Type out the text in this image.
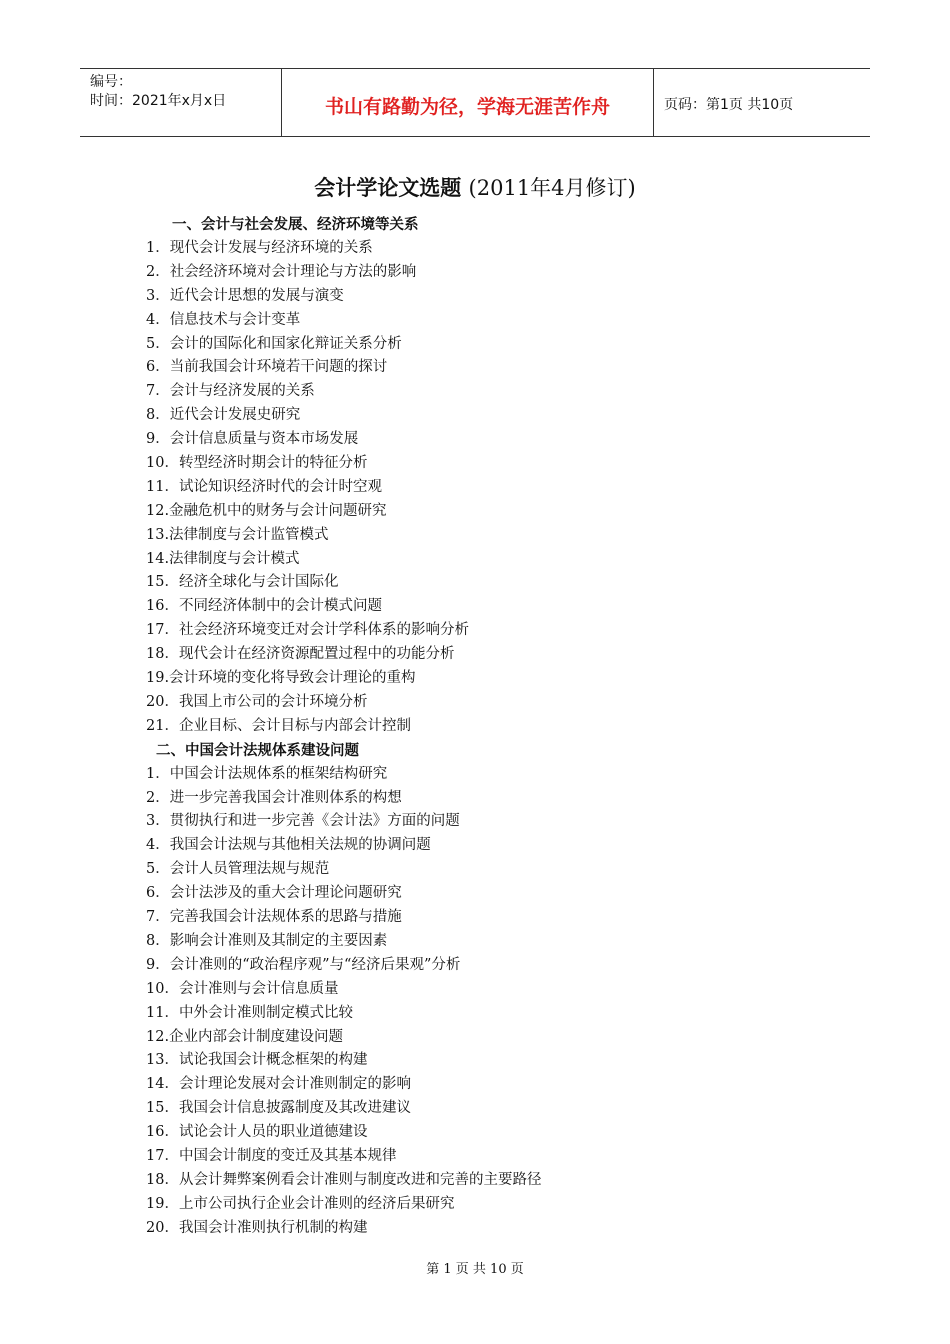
编号：
时间：2021年x月x日	书山有路勤为径，学海无涯苦作舟	页码：第1页 共10页
会计学论文选题 (2011年4月修订)
一、会计与社会发展、经济环境等关系
1．现代会计发展与经济环境的关系
2．社会经济环境对会计理论与方法的影响
3．近代会计思想的发展与演变
4．信息技术与会计变革
5．会计的国际化和国家化辩证关系分析
6．当前我国会计环境若干问题的探讨
7．会计与经济发展的关系
8．近代会计发展史研究
9．会计信息质量与资本市场发展
10．转型经济时期会计的特征分析
11．试论知识经济时代的会计时空观
12.金融危机中的财务与会计问题研究
13.法律制度与会计监管模式
14.法律制度与会计模式
15．经济全球化与会计国际化
16．不同经济体制中的会计模式问题
17．社会经济环境变迁对会计学科体系的影响分析
18．现代会计在经济资源配置过程中的功能分析
19.会计环境的变化将导致会计理论的重构
20．我国上市公司的会计环境分析
21．企业目标、会计目标与内部会计控制
二、中国会计法规体系建设问题
1．中国会计法规体系的框架结构研究
2．进一步完善我国会计准则体系的构想
3．贯彻执行和进一步完善《会计法》方面的问题
4．我国会计法规与其他相关法规的协调问题
5．会计人员管理法规与规范
6．会计法涉及的重大会计理论问题研究
7．完善我国会计法规体系的思路与措施
8．影响会计准则及其制定的主要因素
9．会计准则的“政治程序观”与“经济后果观”分析
10．会计准则与会计信息质量
11．中外会计准则制定模式比较
12.企业内部会计制度建设问题
13．试论我国会计概念框架的构建
14．会计理论发展对会计准则制定的影响
15．我国会计信息披露制度及其改进建议
16．试论会计人员的职业道德建设
17．中国会计制度的变迁及其基本规律
18．从会计舞弊案例看会计准则与制度改进和完善的主要路径
19．上市公司执行企业会计准则的经济后果研究
20．我国会计准则执行机制的构建
第 1 页 共 10 页
